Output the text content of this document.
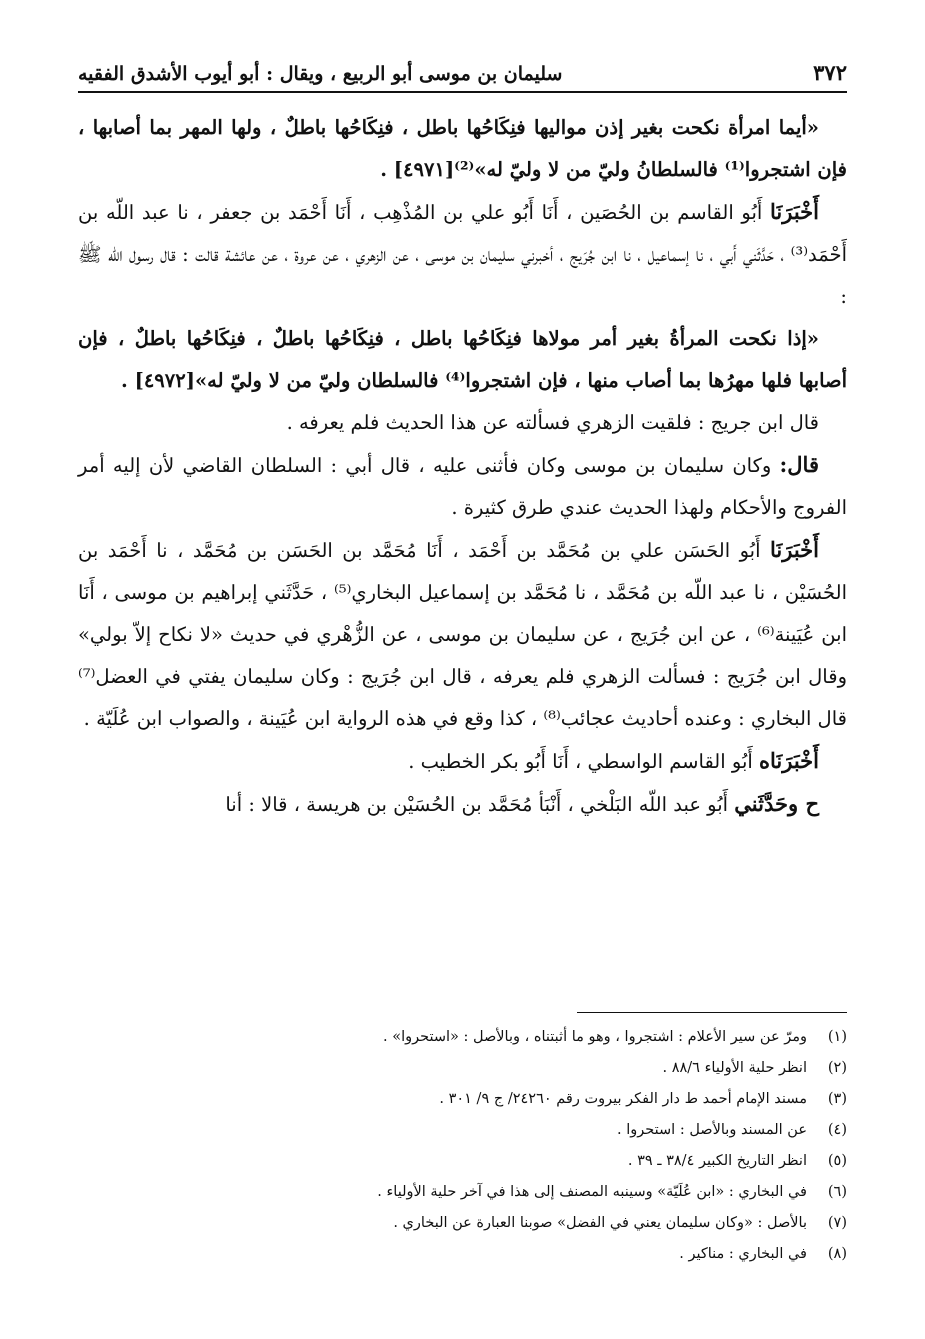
٣٧٢
سليمان بن موسى أبو الربيع ، ويقال : أبو أيوب الأشدق الفقيه

«أيما امرأة نكحت بغير إذن مواليها فنِكَاحُها باطل ، فنِكَاحُها باطلٌ ، ولها المهر بما أصابها ، فإن اشتجروا⁽¹⁾ فالسلطانُ وليّ من لا وليّ له»⁽²⁾[٤٩٧١] .

أَخْبَرَنَا أَبُو القاسم بن الحُصَين ، أَنَا أَبُو علي بن المُذْهِب ، أَنَا أَحْمَد بن جعفر ، نا عبد اللّه بن أَحْمَد⁽³⁾ ، حَدَّثَني أَبي ، نا إسماعيل ، نا ابن جُرَيج ، أخبرني سليمان بن موسى ، عن الزهري ، عن عروة ، عن عائشة قالت : قال رسول اللّه ﷺ :

«إذا نكحت المرأةُ بغير أمر مولاها فنِكَاحُها باطل ، فنِكَاحُها باطلٌ ، فنِكَاحُها باطلٌ ، فإن أصابها فلها مهرُها بما أصاب منها ، فإن اشتجروا⁽⁴⁾ فالسلطان وليّ من لا وليّ له»[٤٩٧٢] .

قال ابن جريج : فلقيت الزهري فسألته عن هذا الحديث فلم يعرفه .

قال: وكان سليمان بن موسى وكان فأثنى عليه ، قال أبي : السلطان القاضي لأن إليه أمر الفروج والأحكام ولهذا الحديث عندي طرق كثيرة .

أَخْبَرَنَا أَبُو الحَسَن علي بن مُحَمَّد بن أَحْمَد ، أَنَا مُحَمَّد بن الحَسَن بن مُحَمَّد ، نا أَحْمَد بن الحُسَيْن ، نا عبد اللّه بن مُحَمَّد ، نا مُحَمَّد بن إسماعيل البخاري⁽⁵⁾ ، حَدَّثَني إبراهيم بن موسى ، أَنَا ابن عُيَينة⁽⁶⁾ ، عن ابن جُرَيج ، عن سليمان بن موسى ، عن الزُّهْري في حديث «لا نكاح إلاّ بولي» وقال ابن جُرَيج : فسألت الزهري فلم يعرفه ، قال ابن جُرَيج : وكان سليمان يفتي في العضل⁽⁷⁾ قال البخاري : وعنده أحاديث عجائب⁽⁸⁾ ، كذا وقع في هذه الرواية ابن عُيَينة ، والصواب ابن عُلَيّة .

أَخْبَرَنَاه أَبُو القاسم الواسطي ، أَنَا أَبُو بكر الخطيب .

ح وحَدَّثَني أَبُو عبد اللّه البَلْخي ، أَنْبَأ مُحَمَّد بن الحُسَيْن بن هريسة ، قالا : أنا

(١)
ومرّ عن سير الأعلام : اشتجروا ، وهو ما أثبتناه ، وبالأصل : «استحروا» .
(٢)
انظر حلية الأولياء ٨٨/٦ .
(٣)
مسند الإمام أحمد ط دار الفكر بيروت رقم ٢٤٢٦٠/ ج ٩/ ٣٠١ .
(٤)
عن المسند وبالأصل : استحروا .
(٥)
انظر التاريخ الكبير ٣٨/٤ ـ ٣٩ .
(٦)
في البخاري : «ابن عُلَيّة» وسينبه المصنف إلى هذا في آخر حلية الأولياء .
(٧)
بالأصل : «وكان سليمان يعني في الفضل» صوبنا العبارة عن البخاري .
(٨)
في البخاري : مناكير .
